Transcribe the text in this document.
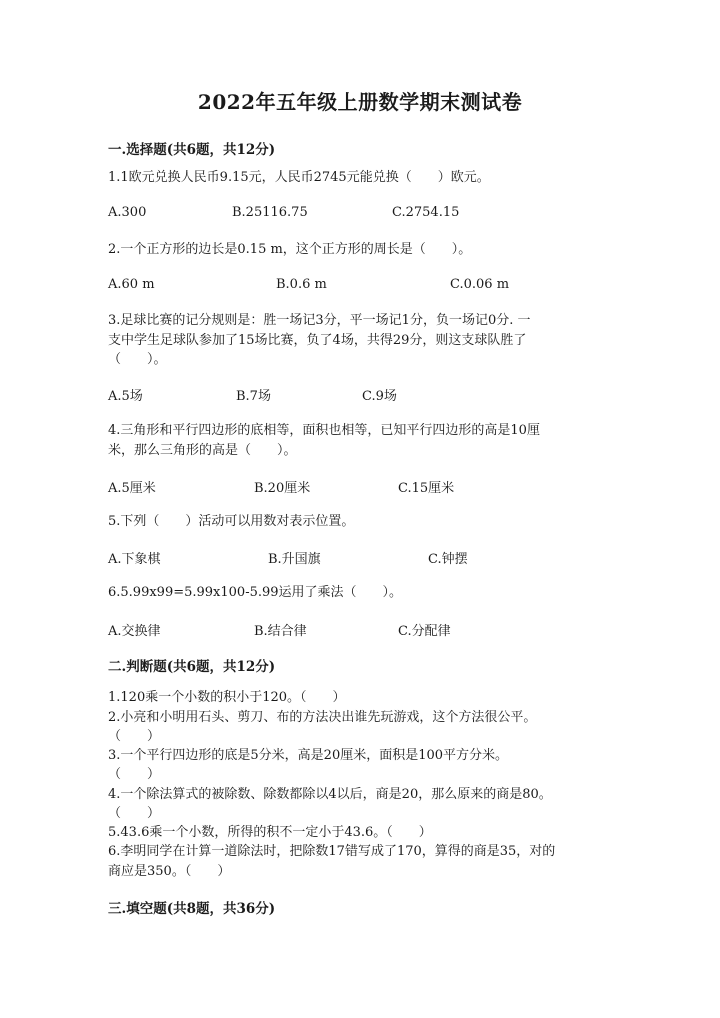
2022年五年级上册数学期末测试卷
一.选择题(共6题，共12分)
1.1欧元兑换人民币9.15元，人民币2745元能兑换（　　）欧元。
A.300	B.25116.75	C.2754.15
2.一个正方形的边长是0.15 m，这个正方形的周长是（　　）。
A.60 m	B.0.6 m	C.0.06 m
3.足球比赛的记分规则是：胜一场记3分，平一场记1分，负一场记0分. 一
支中学生足球队参加了15场比赛，负了4场，共得29分，则这支球队胜了
（　　）。
A.5场	B.7场	C.9场
4.三角形和平行四边形的底相等，面积也相等，已知平行四边形的高是10厘
米，那么三角形的高是（　　）。
A.5厘米	B.20厘米	C.15厘米
5.下列（　　）活动可以用数对表示位置。
A.下象棋	B.升国旗	C.钟摆
6.5.99x99=5.99x100-5.99运用了乘法（　　）。
A.交换律	B.结合律	C.分配律
二.判断题(共6题，共12分)
1.120乘一个小数的积小于120。（　　）
2.小亮和小明用石头、剪刀、布的方法决出谁先玩游戏，这个方法很公平。
（　　）
3.一个平行四边形的底是5分米，高是20厘米，面积是100平方分米。
（　　）
4.一个除法算式的被除数、除数都除以4以后，商是20，那么原来的商是80。
（　　）
5.43.6乘一个小数，所得的积不一定小于43.6。（　　）
6.李明同学在计算一道除法时，把除数17错写成了170，算得的商是35，对的
商应是350。（　　）
三.填空题(共8题，共36分)
